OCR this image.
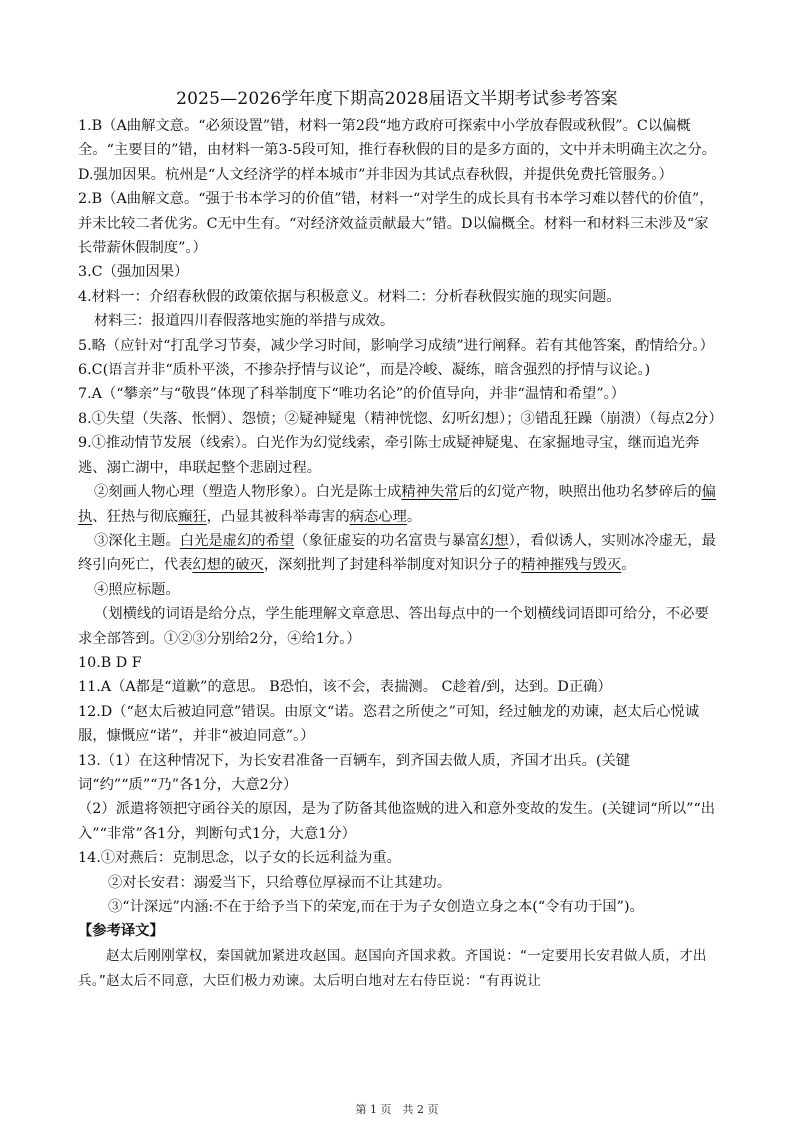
2025—2026学年度下期高2028届语文半期考试参考答案

1.B（A曲解文意。“必须设置”错，材料一第2段“地方政府可探索中小学放春假或秋假”。C以偏概全。“主要目的”错，由材料一第3-5段可知，推行春秋假的目的是多方面的，文中并未明确主次之分。D.强加因果。杭州是“人文经济学的样本城市”并非因为其试点春秋假，并提供免费托管服务。）

2.B（A曲解文意。“强于书本学习的价值”错，材料一“对学生的成长具有书本学习难以替代的价值”，并未比较二者优劣。C无中生有。“对经济效益贡献最大”错。D以偏概全。材料一和材料三未涉及“家长带薪休假制度”。）

3.C（强加因果）

4.材料一：介绍春秋假的政策依据与积极意义。材料二：分析春秋假实施的现实问题。

材料三：报道四川春假落地实施的举措与成效。

5.略（应针对“打乱学习节奏，减少学习时间，影响学习成绩”进行阐释。若有其他答案，酌情给分。）

6.C(语言并非“质朴平淡，不掺杂抒情与议论”，而是冷峻、凝练，暗含强烈的抒情与议论。)

7.A（“攀亲”与“敬畏”体现了科举制度下“唯功名论”的价值导向，并非“温情和希望”。）

8.①失望（失落、怅惘）、怨愤；②疑神疑鬼（精神恍惚、幻听幻想）；③错乱狂躁（崩溃）（每点2分）

9.①推动情节发展（线索）。白光作为幻觉线索，牵引陈士成疑神疑鬼、在家掘地寻宝，继而追光奔逃、溺亡湖中，串联起整个悲剧过程。

②刻画人物心理（塑造人物形象）。白光是陈士成精神失常后的幻觉产物，映照出他功名梦碎后的偏执、狂热与彻底癫狂，凸显其被科举毒害的病态心理。

③深化主题。白光是虚幻的希望（象征虚妄的功名富贵与暴富幻想），看似诱人，实则冰冷虚无，最终引向死亡，代表幻想的破灭，深刻批判了封建科举制度对知识分子的精神摧残与毁灭。

④照应标题。

（划横线的词语是给分点，学生能理解文章意思、答出每点中的一个划横线词语即可给分，不必要求全部答到。①②③分别给2分，④给1分。）

10.B D F

11.A（A都是“道歉”的意思。 B恐怕，该不会，表揣测。 C趁着/到，达到。D正确）

12.D（“赵太后被迫同意”错误。由原文“诺。恣君之所使之”可知，经过触龙的劝谏，赵太后心悦诚服，慷慨应“诺”，并非“被迫同意”。）

13.（1）在这种情况下，为长安君准备一百辆车，到齐国去做人质，齐国才出兵。(关键词“约”“质”“乃”各1分，大意2分）

（2）派遣将领把守函谷关的原因，是为了防备其他盗贼的进入和意外变故的发生。(关键词“所以”“出入”“非常”各1分，判断句式1分，大意1分）

14.①对燕后：克制思念，以子女的长远利益为重。

②对长安君：溺爱当下，只给尊位厚禄而不让其建功。

③“计深远”内涵:不在于给予当下的荣宠,而在于为子女创造立身之本(“令有功于国”)。

【参考译文】

赵太后刚刚掌权，秦国就加紧进攻赵国。赵国向齐国求救。齐国说：“一定要用长安君做人质，才出兵。”赵太后不同意，大臣们极力劝谏。太后明白地对左右侍臣说：“有再说让

第 1 页　共 2 页
